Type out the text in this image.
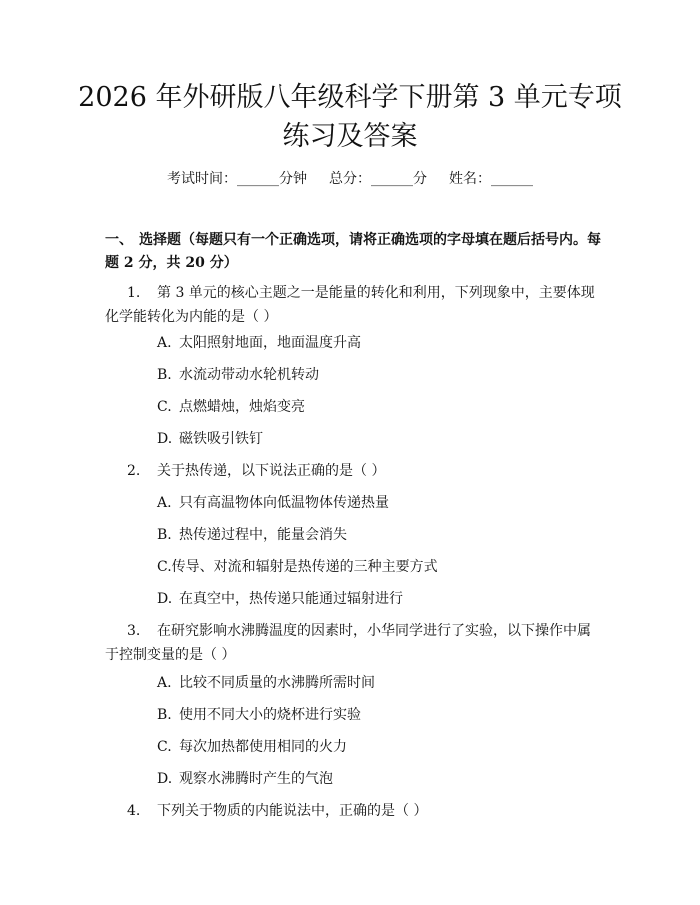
2026 年外研版八年级科学下册第 3 单元专项
练习及答案
考试时间：______分钟 总分：______分 姓名：______
一、 选择题（每题只有一个正确选项，请将正确选项的字母填在题后括号内。每题 2 分，共 20 分）
1. 第 3 单元的核心主题之一是能量的转化和利用，下列现象中，主要体现化学能转化为内能的是（ ）
A. 太阳照射地面，地面温度升高
B. 水流动带动水轮机转动
C. 点燃蜡烛，烛焰变亮
D. 磁铁吸引铁钉
2. 关于热传递，以下说法正确的是（ ）
A. 只有高温物体向低温物体传递热量
B. 热传递过程中，能量会消失
C.传导、对流和辐射是热传递的三种主要方式
D. 在真空中，热传递只能通过辐射进行
3. 在研究影响水沸腾温度的因素时，小华同学进行了实验，以下操作中属于控制变量的是（ ）
A. 比较不同质量的水沸腾所需时间
B. 使用不同大小的烧杯进行实验
C. 每次加热都使用相同的火力
D. 观察水沸腾时产生的气泡
4. 下列关于物质的内能说法中，正确的是（ ）
